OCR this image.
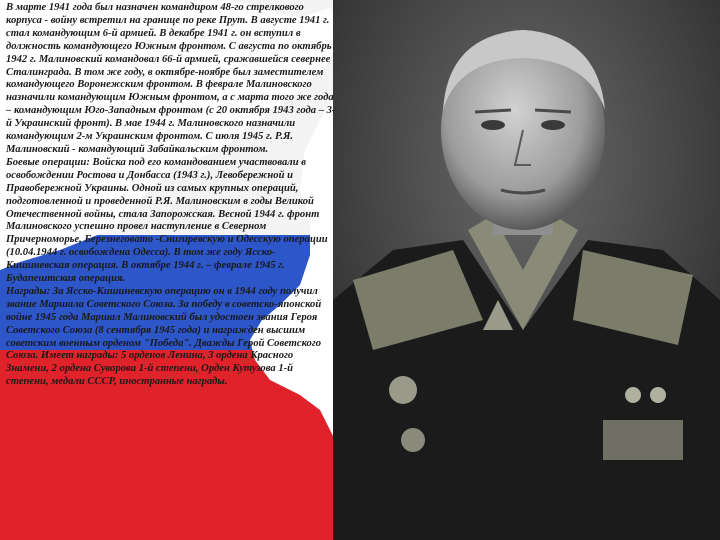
В марте 1941 года был назначен командиром 48-го стрелкового корпуса - войну встретил на границе по реке Прут. В августе 1941 г. стал командующим 6-й армией. В декабре 1941 г. он вступил в должность командующего Южным фронтом. С августа по октябрь 1942 г. Малиновский командовал 66-й армией, сражавшейся севернее Сталинграда. В том же году, в октябре-ноябре был заместителем командующего Воронежским фронтом. В феврале Малиновского назначили командующим Южным фронтом, а с марта того же года – командующим Юго-Западным фронтом (с 20 октября 1943 года – 3-й Украинский фронт). В мае 1944 г. Малиновского назначили командующим 2-м Украинским фронтом. С июля 1945 г. Р.Я. Малиновский - командующий Забайкальским фронтом.

Боевые операции: Войска под его командованием участвовали в освобождении Ростова и Донбасса (1943 г.), Левобережной и Правобережной Украины. Одной из самых крупных операций, подготовленной и проведенной Р.Я. Малиновским в годы Великой Отечественной войны, стала Запорожская. Весной 1944 г. фронт Малиновского успешно провел наступление в Северном Причерноморье, Березнеговато -Снигиревскую и Одесскую операции (10.04.1944 г. освобождена Одесса). В том же году Ясско-Кишиневская операция. В октябре 1944 г. – феврале 1945 г. Будапештская операция.

Награды: За Ясско-Кишиневскую операцию он в 1944 году получил звание Маршала Советского Союза. За победу в советско-японской войне 1945 года Маршал Малиновский был удостоен звания Героя Советского Союза (8 сентября 1945 года) и награжден высшим советским военным орденом "Победа". Дважды Герой Советского Союза. Имеет награды: 5 орденов Ленина, 3 ордена Красного Знамени, 2 ордена Суворова 1-й степени, Орден Кутузова 1-й степени, медали СССР, иностранные награды.
